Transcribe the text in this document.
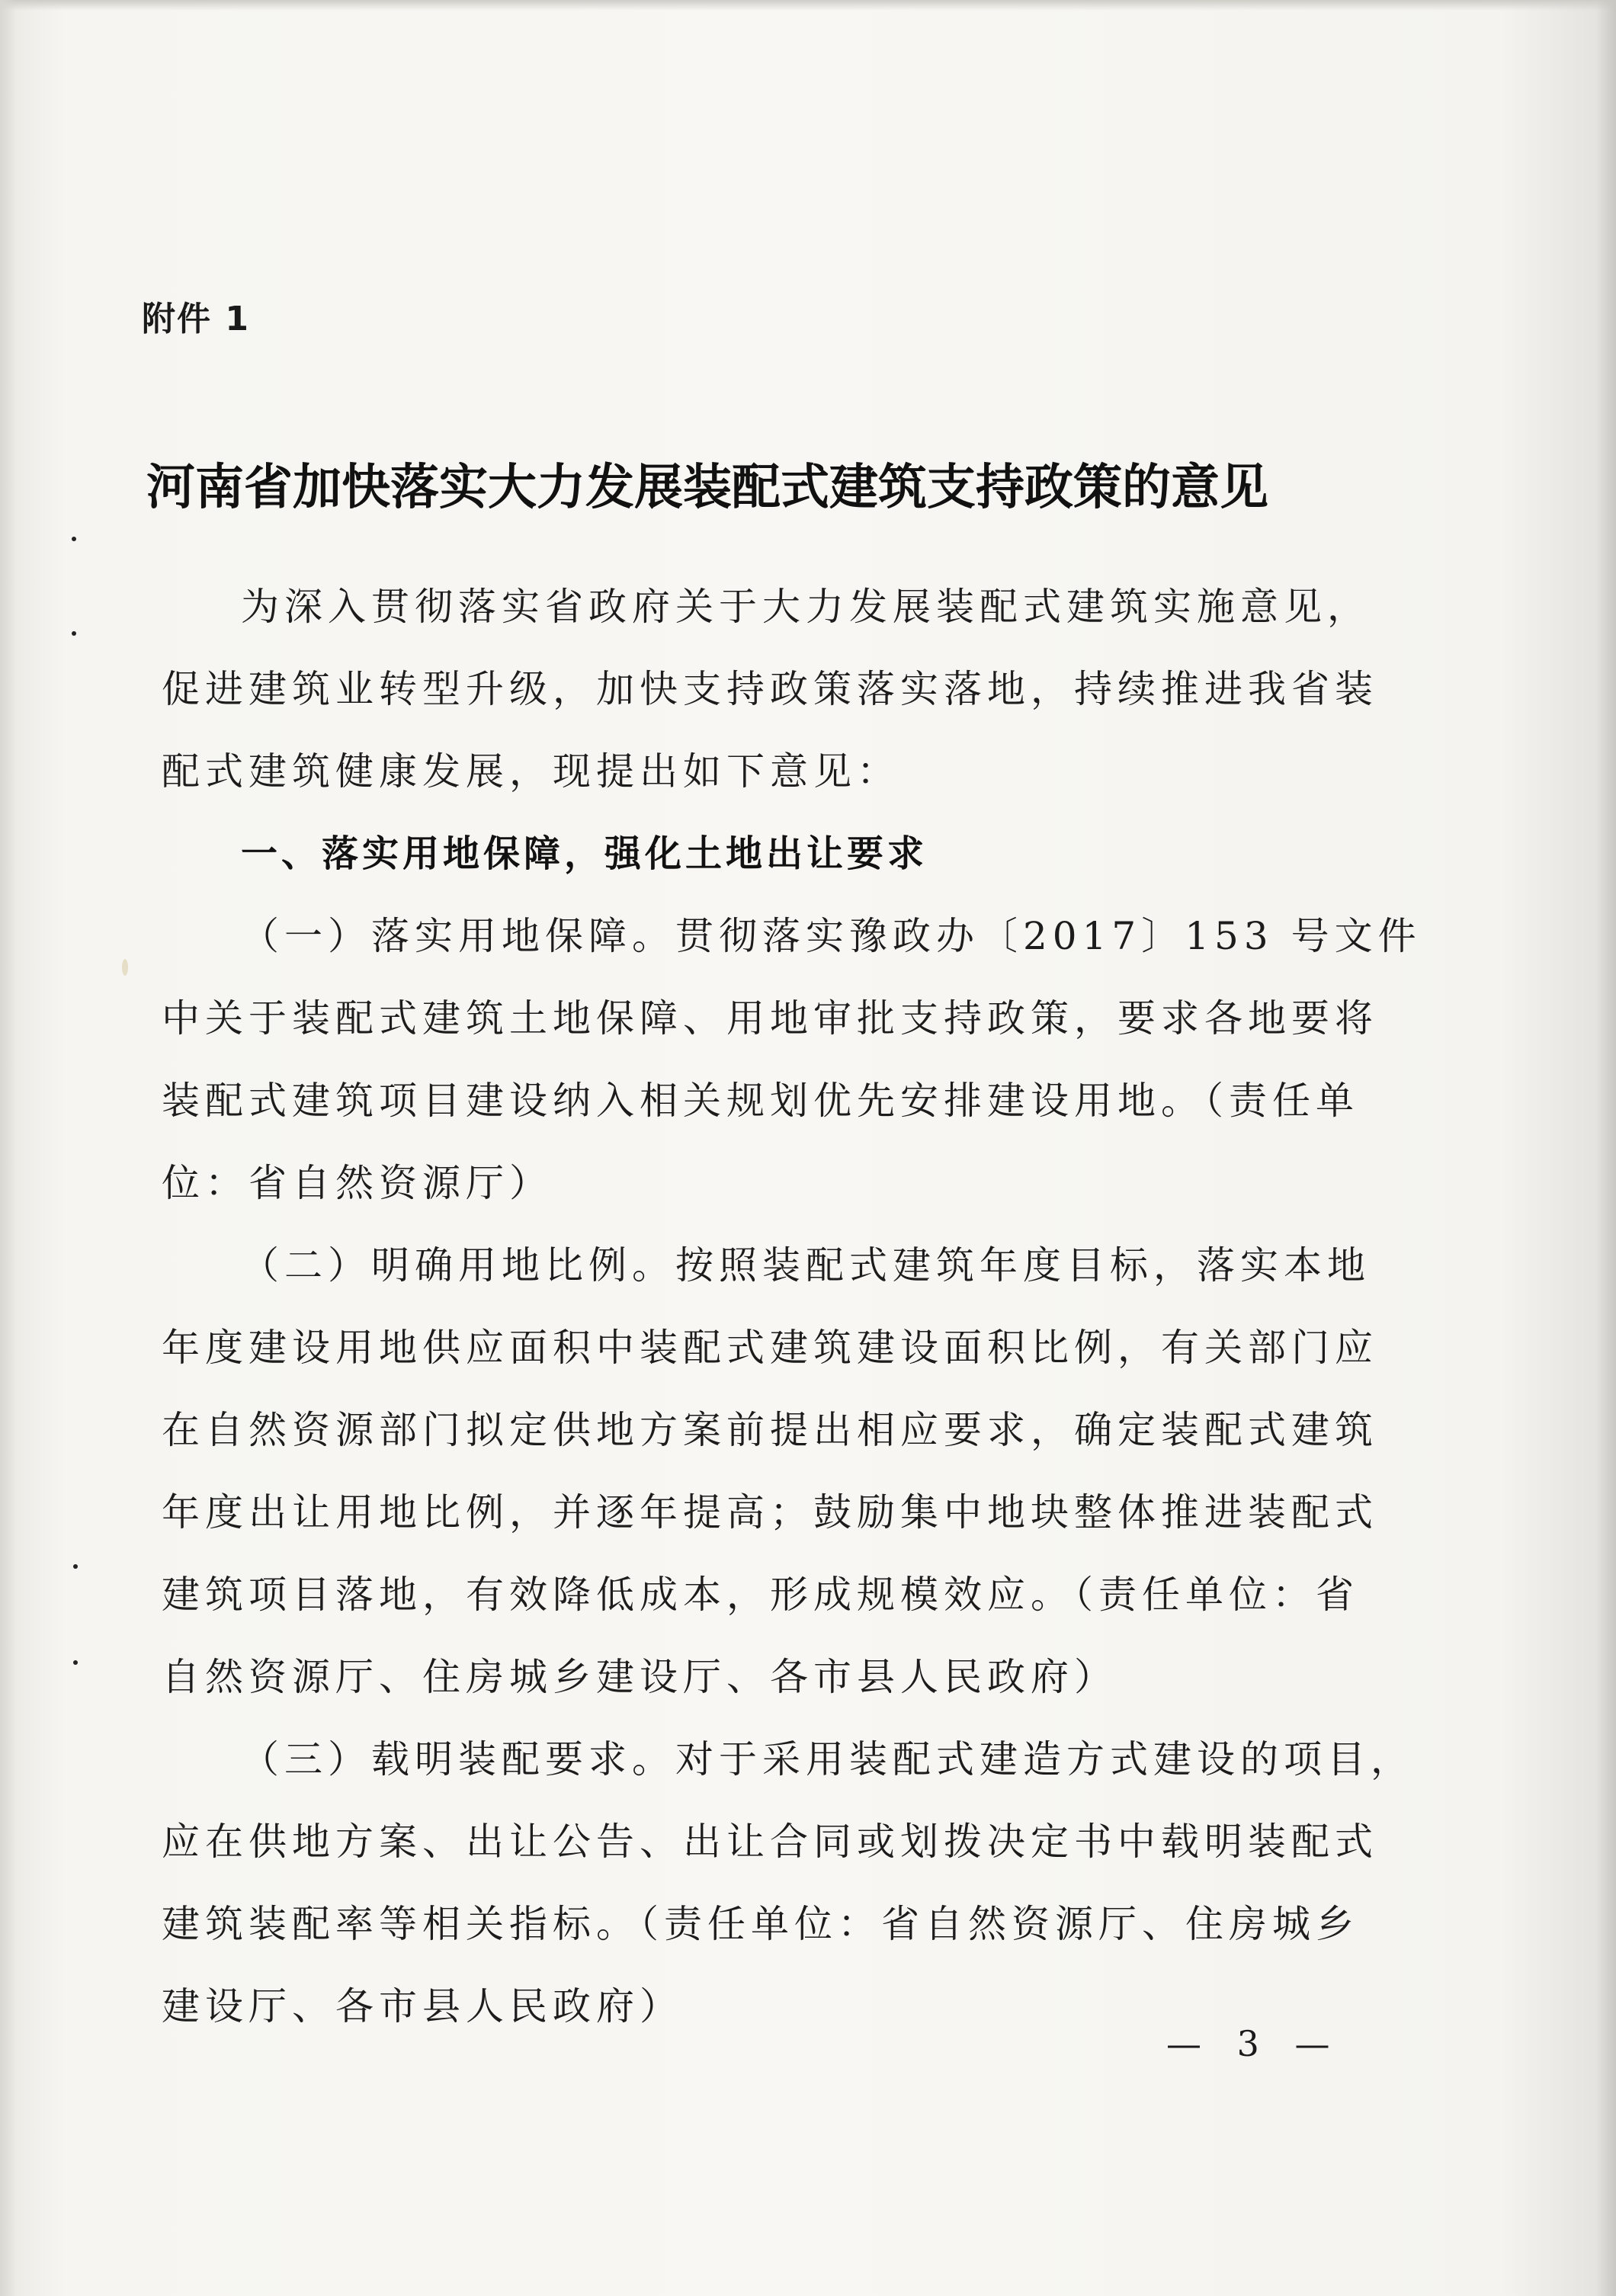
附件 1
河南省加快落实大力发展装配式建筑支持政策的意见
为深入贯彻落实省政府关于大力发展装配式建筑实施意见，
促进建筑业转型升级，加快支持政策落实落地，持续推进我省装
配式建筑健康发展，现提出如下意见：
一、落实用地保障，强化土地出让要求
（一）落实用地保障。贯彻落实豫政办〔2017〕153 号文件
中关于装配式建筑土地保障、用地审批支持政策，要求各地要将
装配式建筑项目建设纳入相关规划优先安排建设用地。（责任单
位：省自然资源厅）
（二）明确用地比例。按照装配式建筑年度目标，落实本地
年度建设用地供应面积中装配式建筑建设面积比例，有关部门应
在自然资源部门拟定供地方案前提出相应要求，确定装配式建筑
年度出让用地比例，并逐年提高；鼓励集中地块整体推进装配式
建筑项目落地，有效降低成本，形成规模效应。（责任单位：省
自然资源厅、住房城乡建设厅、各市县人民政府）
（三）载明装配要求。对于采用装配式建造方式建设的项目，
应在供地方案、出让公告、出让合同或划拨决定书中载明装配式
建筑装配率等相关指标。（责任单位：省自然资源厅、住房城乡
建设厅、各市县人民政府）
— 3 —
